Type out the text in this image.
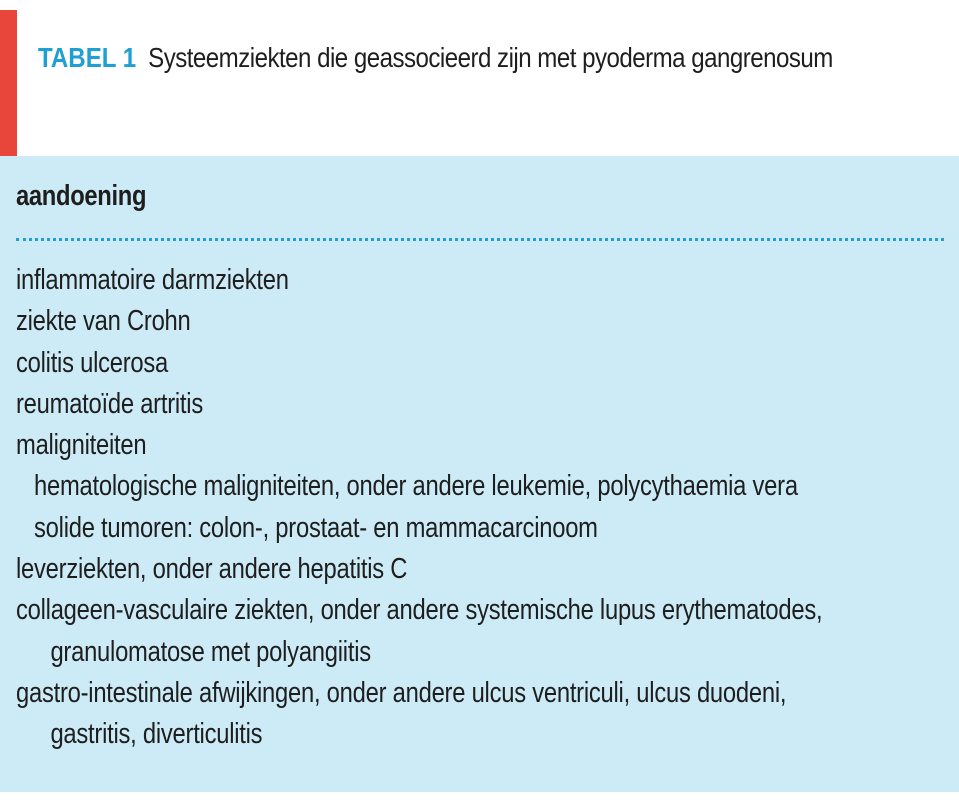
TABEL 1 Systeemziekten die geassocieerd zijn met pyoderma gangrenosum
aandoening
inflammatoire darmziekten
ziekte van Crohn
colitis ulcerosa
reumatoïde artritis
maligniteiten
hematologische maligniteiten, onder andere leukemie, polycythaemia vera
solide tumoren: colon-, prostaat- en mammacarcinoom
leverziekten, onder andere hepatitis C
collageen-vasculaire ziekten, onder andere systemische lupus erythematodes,
granulomatose met polyangiitis
gastro-intestinale afwijkingen, onder andere ulcus ventriculi, ulcus duodeni,
gastritis, diverticulitis
